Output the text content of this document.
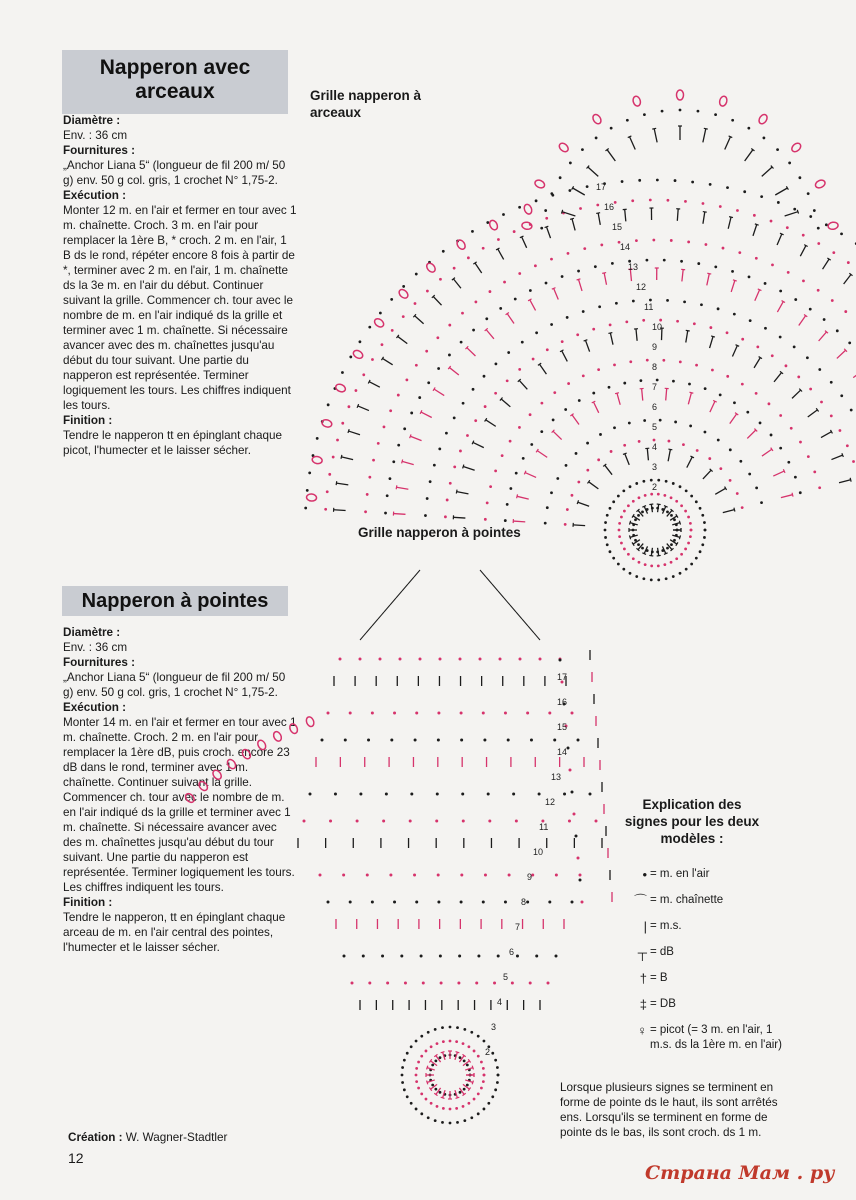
Napperon avec arceaux
Diamètre :
Env. : 36 cm
Fournitures :
„Anchor Liana 5“ (longueur de fil 200 m/ 50 g) env. 50 g col. gris, 1 crochet N° 1,75-2.
Exécution :
Monter 12 m. en l'air et fermer en tour avec 1 m. chaînette. Croch. 3 m. en l'air pour remplacer la 1ère B, * croch. 2 m. en l'air, 1 B ds le rond, répéter encore 8 fois à partir de *, terminer avec 2 m. en l'air, 1 m. chaînette ds la 3e m. en l'air du début. Continuer suivant la grille. Commencer ch. tour avec le nombre de m. en l'air indiqué ds la grille et terminer avec 1 m. chaînette. Si nécessaire avancer avec des m. chaînettes jusqu'au début du tour suivant. Une partie du napperon est représentée. Terminer logiquement les tours. Les chiffres indiquent les tours.
Finition :
Tendre le napperon tt en épinglant chaque picot, l'humecter et le laisser sécher.
Napperon à pointes
Diamètre :
Env. : 36 cm
Fournitures :
„Anchor Liana 5“ (longueur de fil 200 m/ 50 g) env. 50 g col. gris, 1 crochet N° 1,75-2.
Exécution :
Monter 14 m. en l'air et fermer en tour avec 1 m. chaînette. Croch. 2 m. en l'air pour remplacer la 1ère dB, puis croch. encore 23 dB dans le rond, terminer avec 1 m. chaînette. Continuer suivant la grille. Commencer ch. tour avec le nombre de m. en l'air indiqué ds la grille et terminer avec 1 m. chaînette. Si nécessaire avancer avec des m. chaînettes jusqu'au début du tour suivant. Une partie du napperon est représentée. Terminer logiquement les tours. Les chiffres indiquent les tours.
Finition :
Tendre le napperon, tt en épinglant chaque arceau de m. en l'air central des pointes, l'humecter et le laisser sécher.
Grille napperon à arceaux
Grille napperon à pointes
2
3
4
5
6
7
8
9
10
11
12
13
14
15
16
17
2
3
4
5
6
7
8
9
10
11
12
13
14
15
16
17
Explication des signes pour les deux modèles :
• = m. en l'air
⌒ = m. chaînette
| = m.s.
┬ = dB
† = B
‡ = DB
♀ = picot (= 3 m. en l'air, 1 m.s. ds la 1ère m. en l'air)
Lorsque plusieurs signes se terminent en forme de pointe ds le haut, ils sont arrêtés ens. Lorsqu'ils se terminent en forme de pointe ds le bas, ils sont croch. ds 1 m.
Création : W. Wagner-Stadtler
12
Страна Мам . ру
